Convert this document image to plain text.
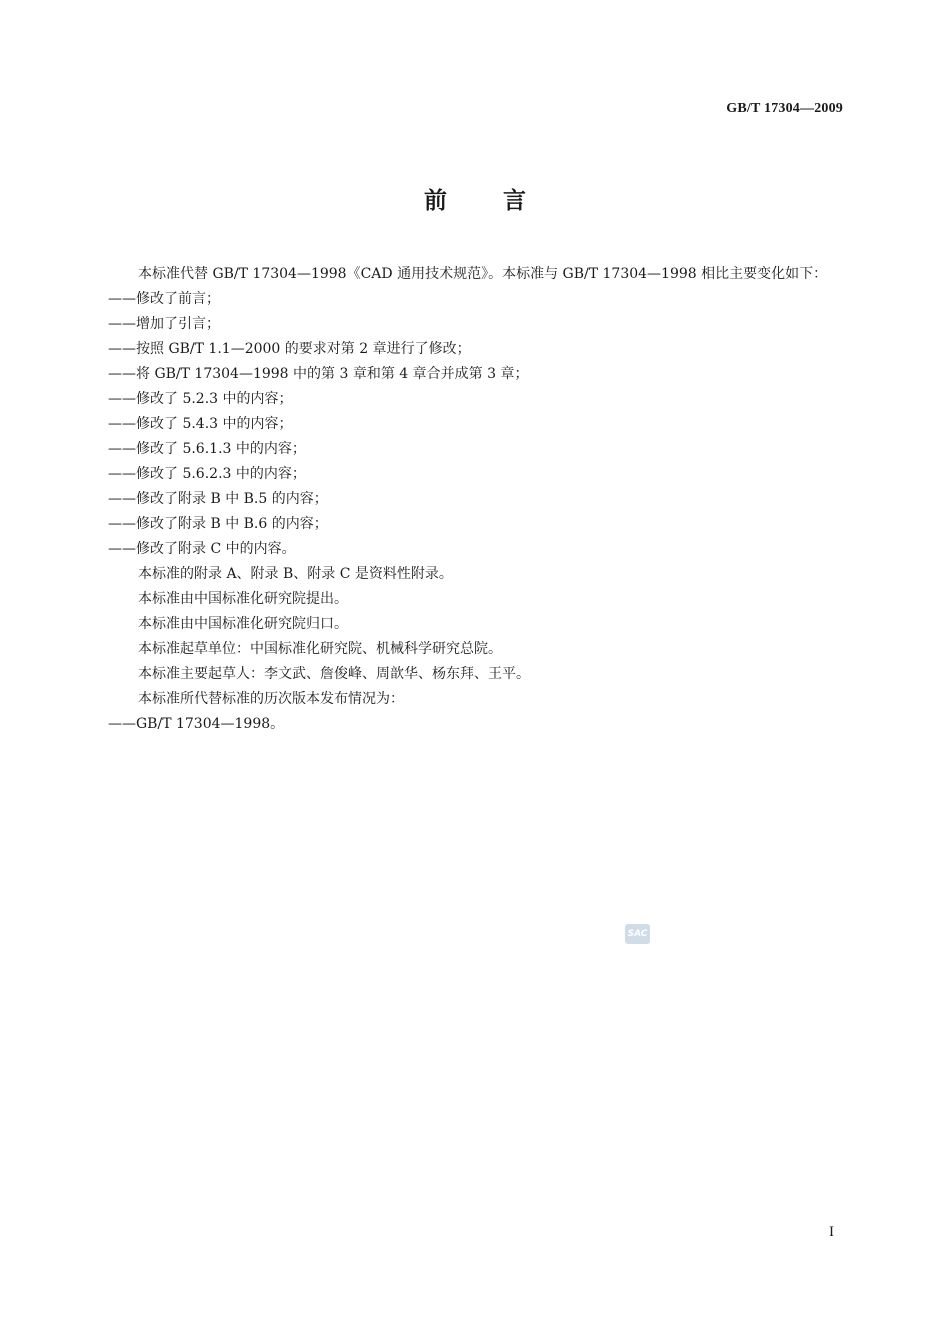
GB/T 17304—2009
前言

本标准代替 GB/T 17304—1998《CAD 通用技术规范》。本标准与 GB/T 17304—1998 相比主要变化如下：

——修改了前言；

——增加了引言；

——按照 GB/T 1.1—2000 的要求对第 2 章进行了修改；

——将 GB/T 17304—1998 中的第 3 章和第 4 章合并成第 3 章；

——修改了 5.2.3 中的内容；

——修改了 5.4.3 中的内容；

——修改了 5.6.1.3 中的内容；

——修改了 5.6.2.3 中的内容；

——修改了附录 B 中 B.5 的内容；

——修改了附录 B 中 B.6 的内容；

——修改了附录 C 中的内容。

本标准的附录 A、附录 B、附录 C 是资料性附录。

本标准由中国标准化研究院提出。

本标准由中国标准化研究院归口。

本标准起草单位：中国标准化研究院、机械科学研究总院。

本标准主要起草人：李文武、詹俊峰、周歆华、杨东拜、王平。

本标准所代替标准的历次版本发布情况为：

——GB/T 17304—1998。

SAC
I
